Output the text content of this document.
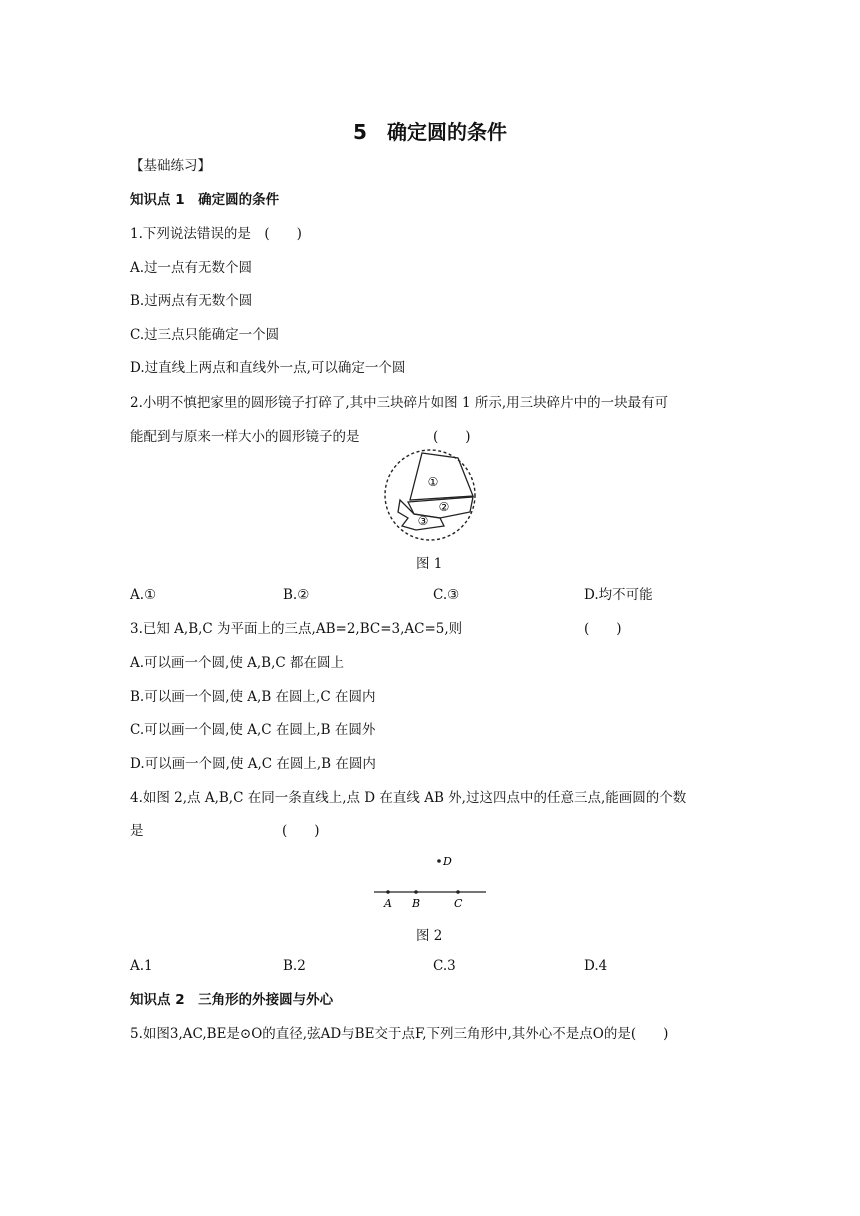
5　确定圆的条件
【基础练习】
知识点 1　确定圆的条件
1.下列说法错误的是　(　　)
A.过一点有无数个圆
B.过两点有无数个圆
C.过三点只能确定一个圆
D.过直线上两点和直线外一点,可以确定一个圆
2.小明不慎把家里的圆形镜子打碎了,其中三块碎片如图 1 所示,用三块碎片中的一块最有可
能配到与原来一样大小的圆形镜子的是	(　　)
①
②
③
图 1
A.①	B.②	C.③	D.均不可能
3.已知 A,B,C 为平面上的三点,AB=2,BC=3,AC=5,则	(　　)
A.可以画一个圆,使 A,B,C 都在圆上
B.可以画一个圆,使 A,B 在圆上,C 在圆内
C.可以画一个圆,使 A,C 在圆上,B 在圆外
D.可以画一个圆,使 A,C 在圆上,B 在圆内
4.如图 2,点 A,B,C 在同一条直线上,点 D 在直线 AB 外,过这四点中的任意三点,能画圆的个数
是	(　　)
A B	C
D
图 2
A.1	B.2	C.3	D.4
知识点 2　三角形的外接圆与外心
5.如图3,AC,BE是⊙O的直径,弦AD与BE交于点F,下列三角形中,其外心不是点O的是(　　)
